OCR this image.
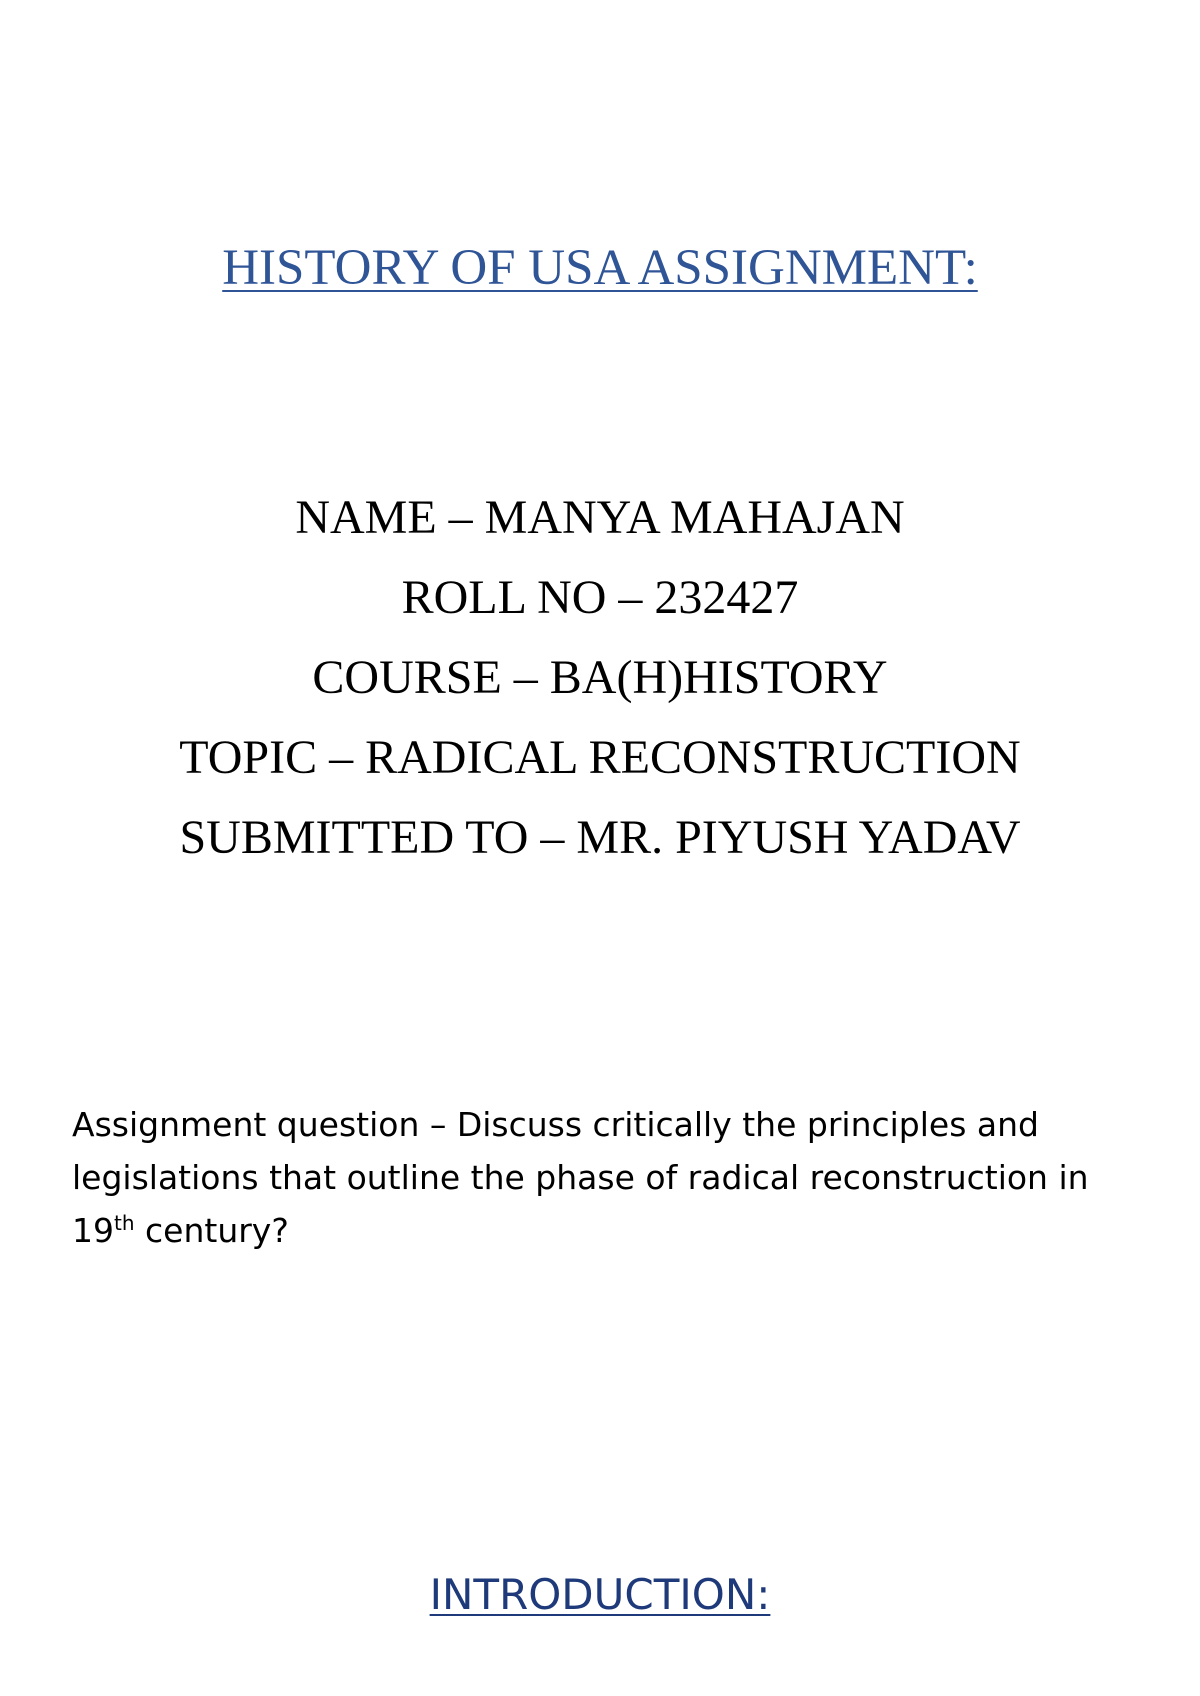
HISTORY OF USA ASSIGNMENT:
NAME – MANYA MAHAJAN
ROLL NO – 232427
COURSE – BA(H)HISTORY
TOPIC – RADICAL RECONSTRUCTION
SUBMITTED TO – MR. PIYUSH YADAV
Assignment question – Discuss critically the principles and legislations that outline the phase of radical reconstruction in 19th century?
INTRODUCTION:
